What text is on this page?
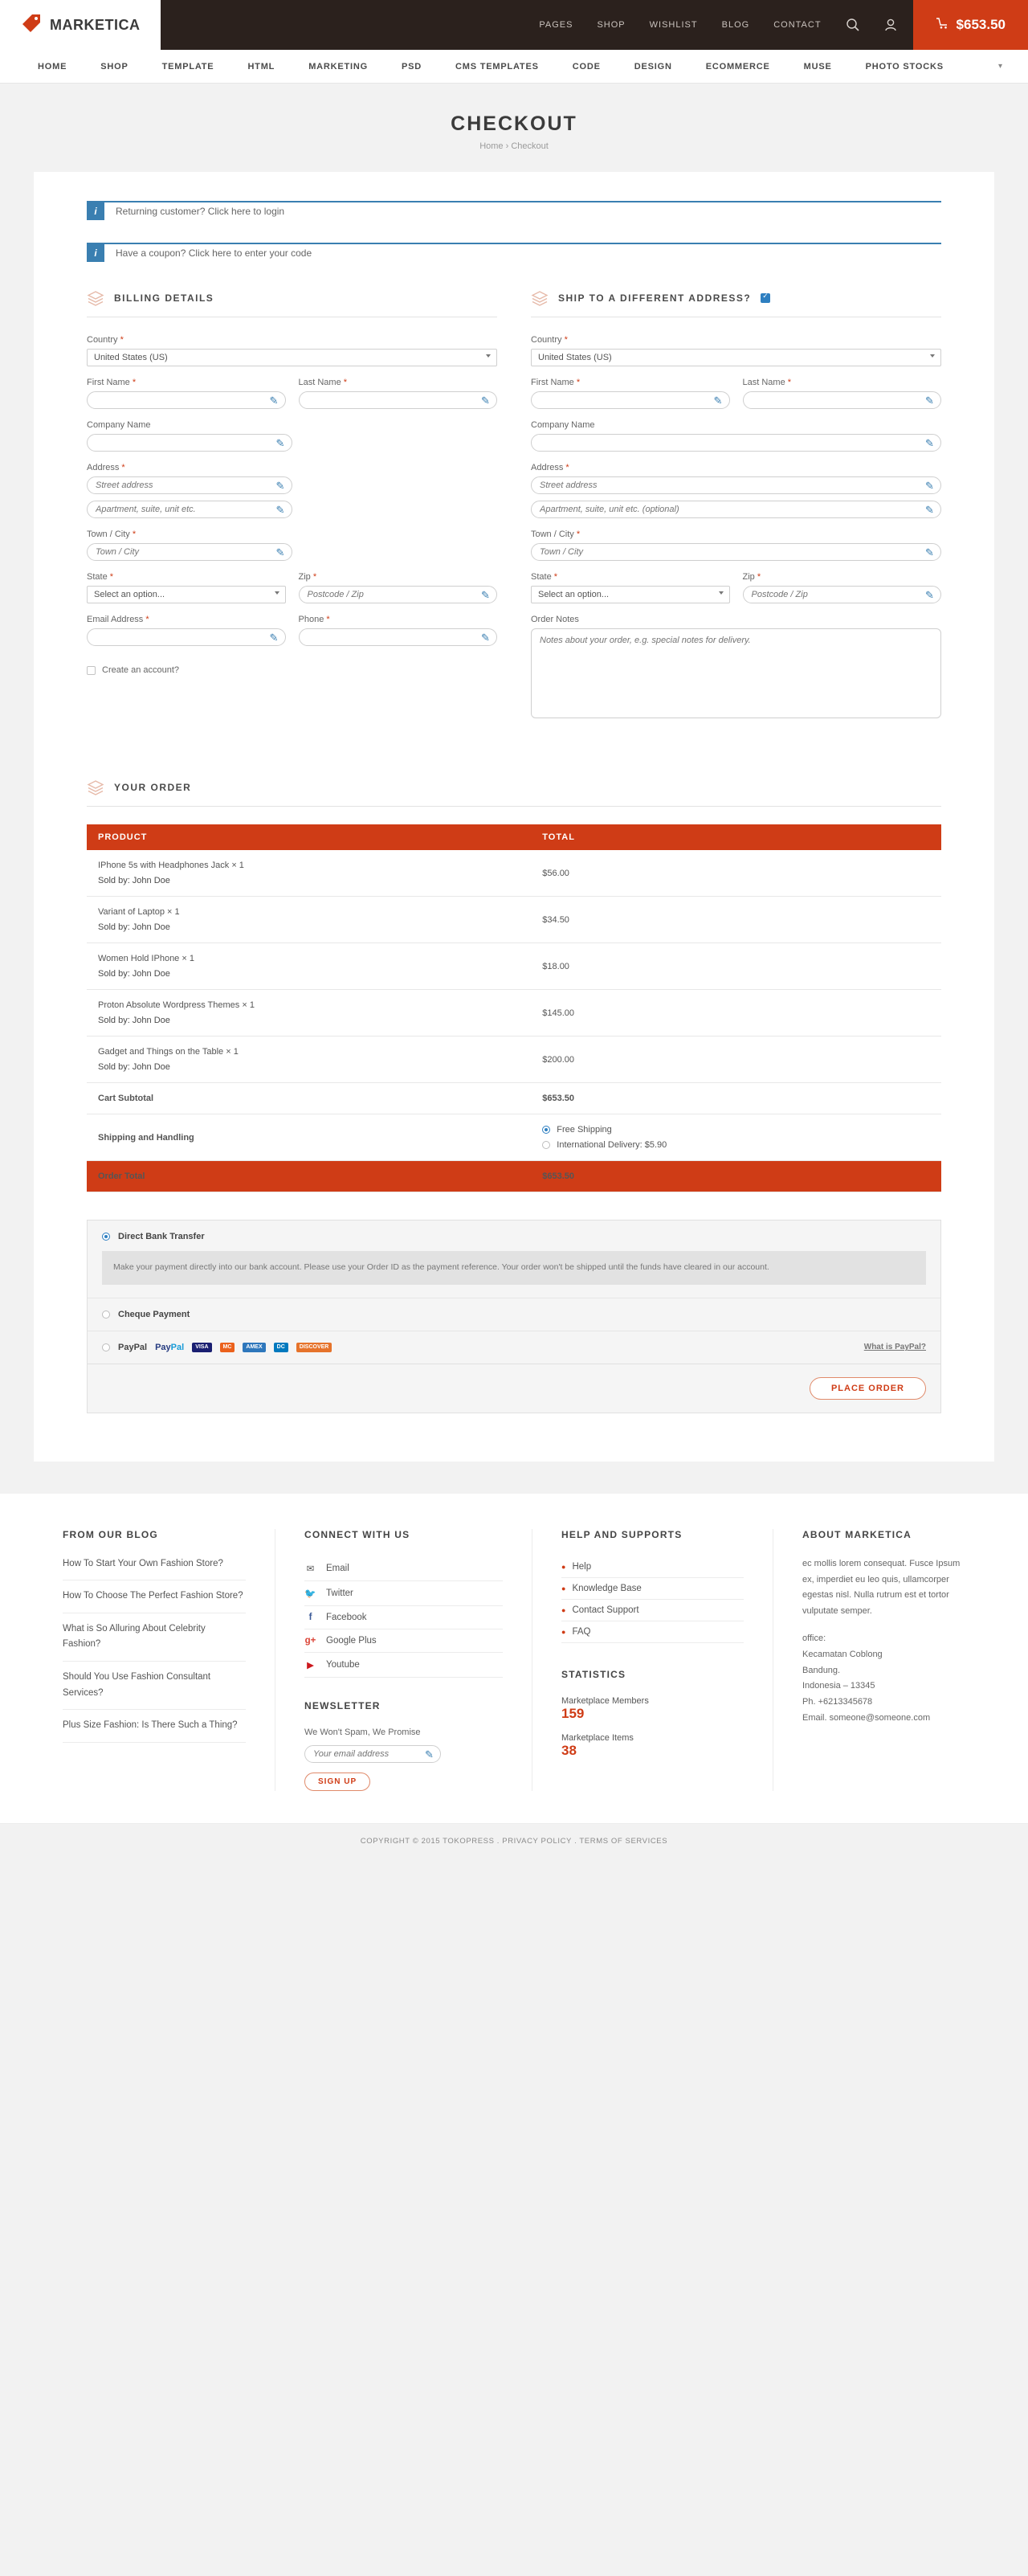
MARKETICA	PAGES	SHOP	WISHLIST	BLOG	CONTACT	$653.50
HOME	SHOP	TEMPLATE	HTML	MARKETING	PSD	CMS TEMPLATES	CODE	DESIGN	ECOMMERCE	MUSE	PHOTO STOCKS	▾
CHECKOUT
Home › Checkout
i	Returning customer? Click here to login
i	Have a coupon? Click here to enter your code
BILLING DETAILS
Country *
United States (US)
First Name *
✎
Last Name *
✎
Company Name
✎
Address *
Street address
✎
Apartment, suite, unit etc.
✎
Town / City *
Town / City
✎
State *
Select an option...	Zip *
Postcode / Zip
✎
Email Address *
✎
Phone *
✎
Create an account?
SHIP TO A DIFFERENT ADDRESS?
✓
Country *
United States (US)
First Name *
✎
Last Name *
✎
Company Name
✎
Address *
Street address
✎
Apartment, suite, unit etc. (optional)
✎
Town / City *
Town / City
✎
State *
Select an option...	Zip *
Postcode / Zip
✎
Order Notes
Notes about your order, e.g. special notes for delivery.
YOUR ORDER
PRODUCT	TOTAL

IPhone 5s with Headphones Jack × 1
Sold by: John Doe	$56.00

Variant of Laptop × 1
Sold by: John Doe	$34.50

Women Hold IPhone × 1
Sold by: John Doe	$18.00

Proton Absolute Wordpress Themes × 1
Sold by: John Doe	$145.00

Gadget and Things on the Table × 1
Sold by: John Doe	$200.00
Cart Subtotal	$653.50
Shipping and Handling	Free Shipping
International Delivery: $5.90

Order Total	$653.50
Direct Bank Transfer
Make your payment directly into our bank account. Please use your Order ID as the payment reference. Your order won't be shipped until the funds have cleared in our account.
Cheque Payment
PayPal PayPal	VISA	MC	AMEX	DC	DISCOVER	What is PayPal?
PLACE ORDER
FROM OUR BLOG
How To Start Your Own Fashion Store?
How To Choose The Perfect Fashion Store?
What is So Alluring About Celebrity Fashion?
Should You Use Fashion Consultant Services?
Plus Size Fashion: Is There Such a Thing?
CONNECT WITH US
✉ Email
🐦 Twitter
f	Facebook
g+ Google Plus
▶ Youtube
NEWSLETTER
We Won't Spam, We Promise
Your email address
✎
SIGN UP
HELP AND SUPPORTS
● Help
● Knowledge Base
● Contact Support
● FAQ
STATISTICS
Marketplace Members
159
Marketplace Items
38
ABOUT MARKETICA
ec mollis lorem consequat. Fusce Ipsum ex, imperdiet eu leo quis, ullamcorper egestas nisl. Nulla rutrum est et tortor vulputate semper.
office:
Kecamatan Coblong
Bandung.
Indonesia – 13345
Ph. +6213345678
Email. someone@someone.com
COPYRIGHT © 2015 TOKOPRESS . PRIVACY POLICY . TERMS OF SERVICES
